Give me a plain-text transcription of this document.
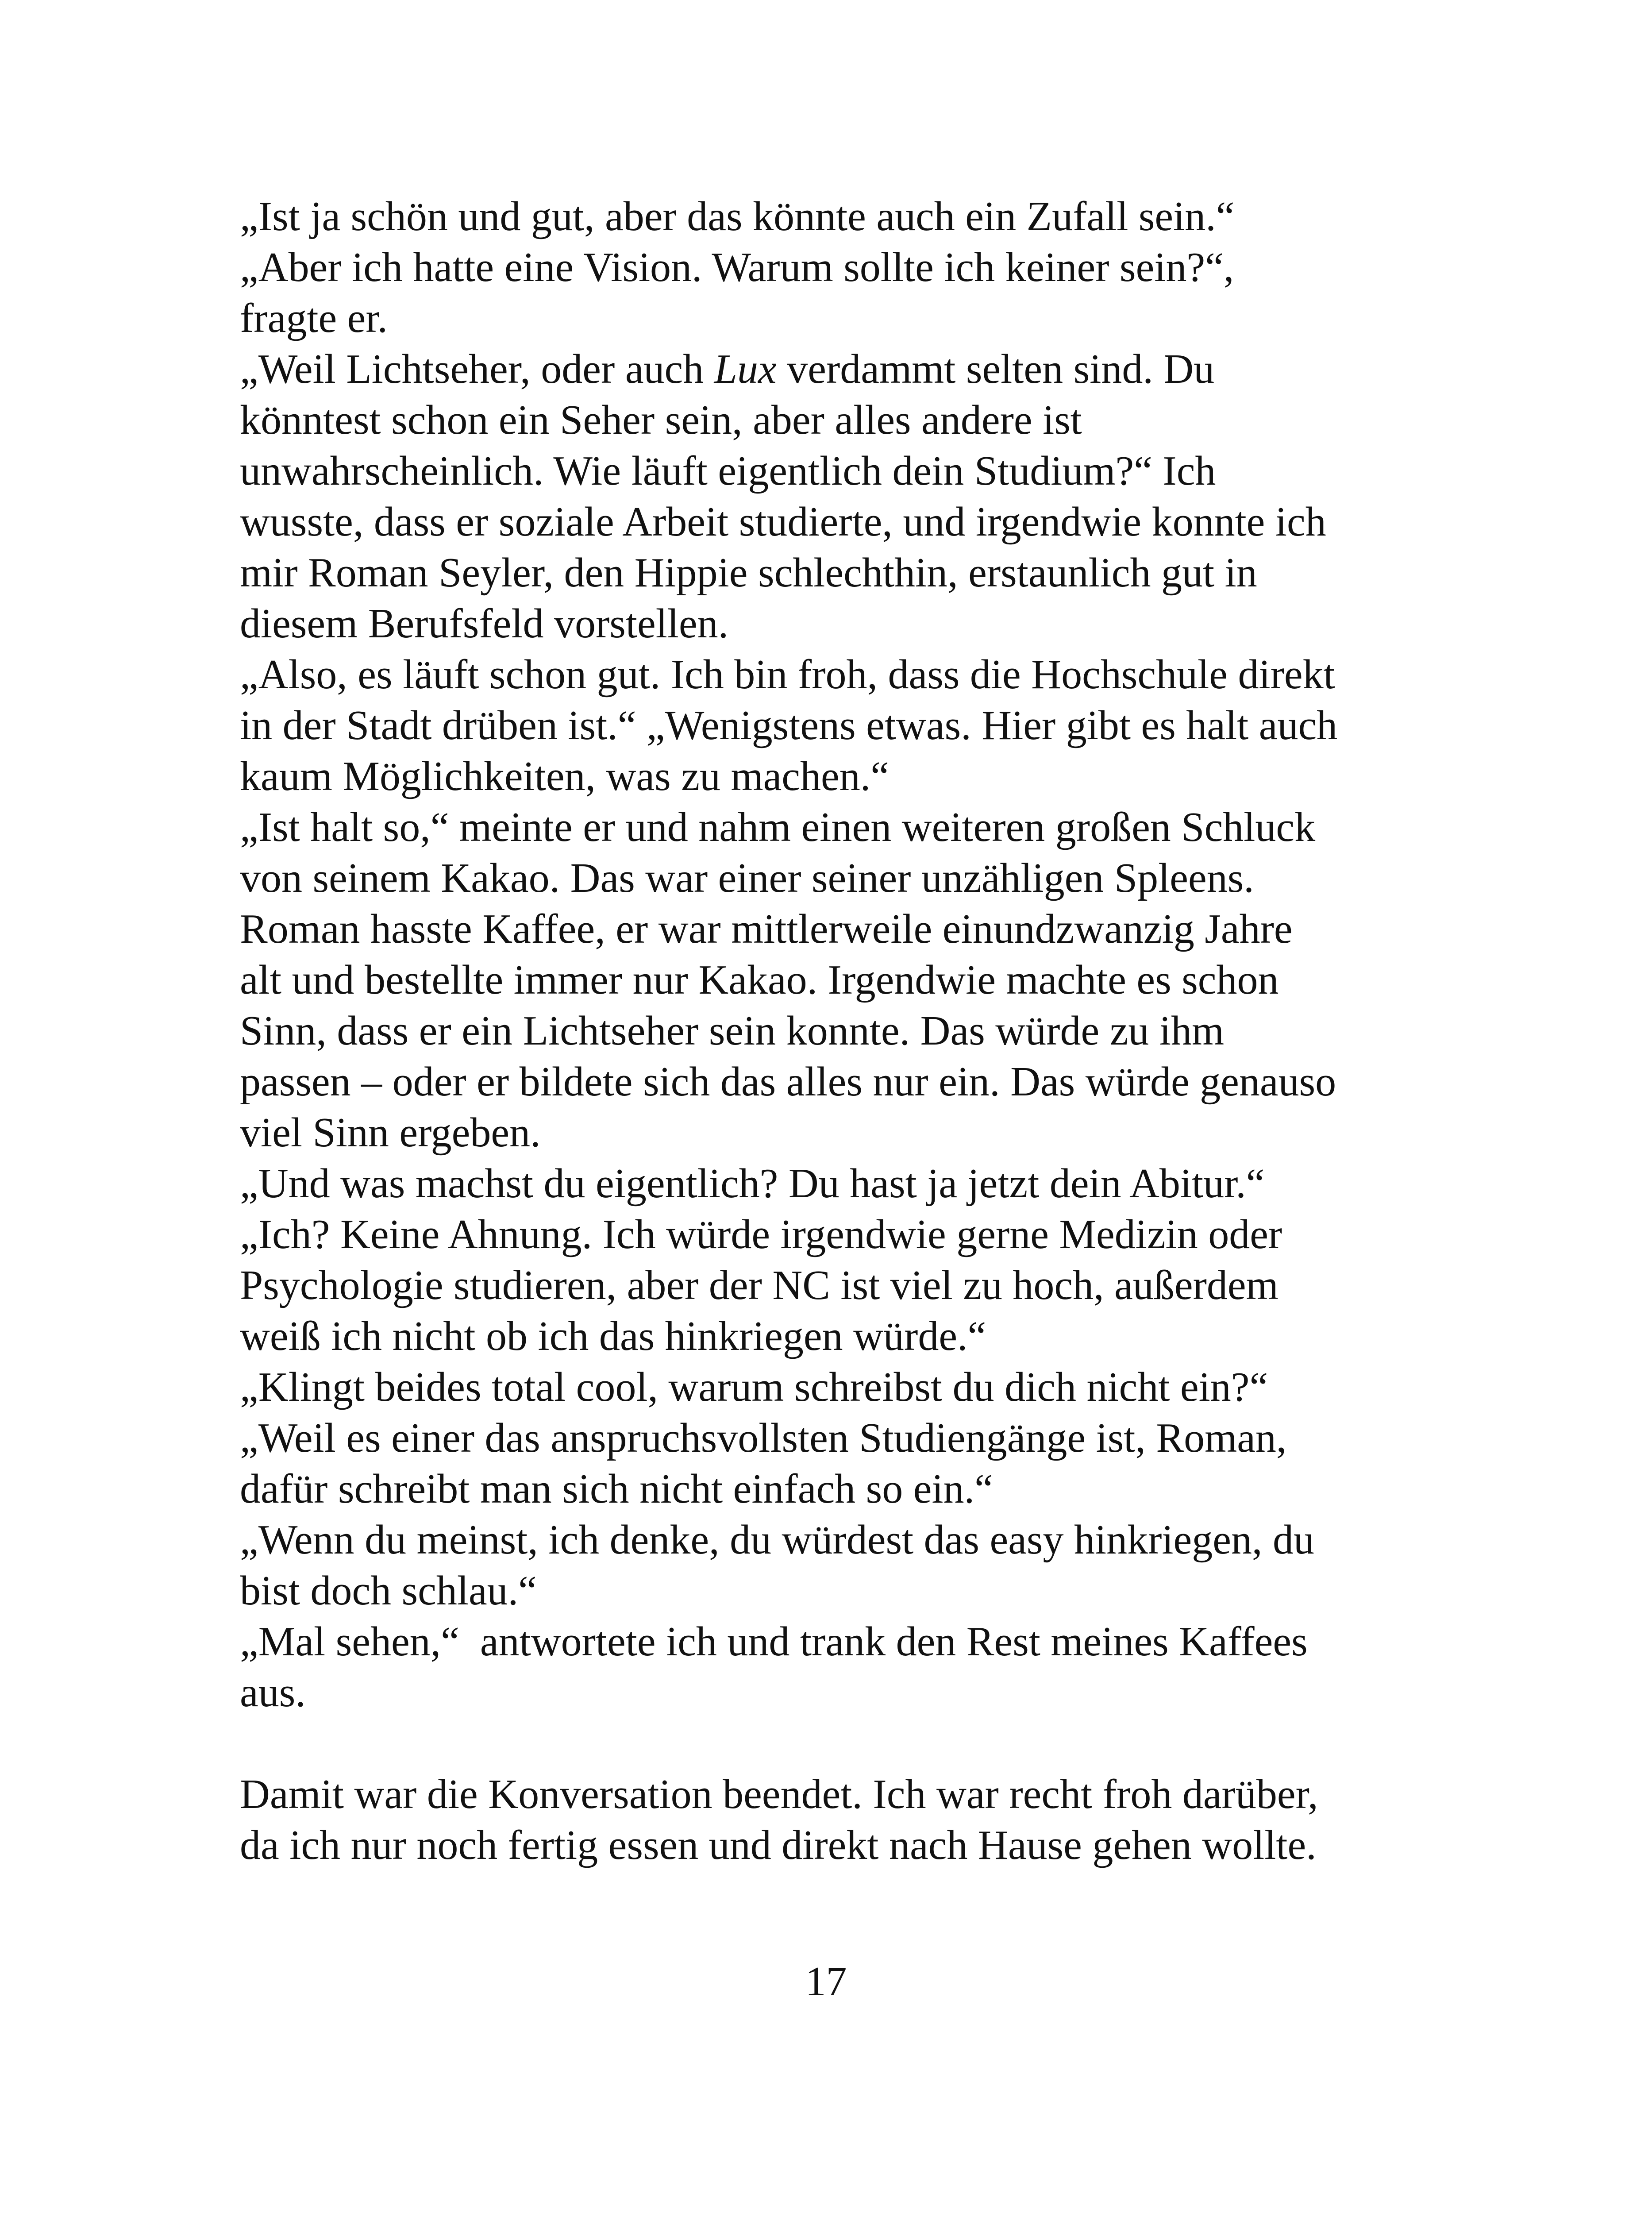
„Ist ja schön und gut, aber das könnte auch ein Zufall sein.“
„Aber ich hatte eine Vision. Warum sollte ich keiner sein?“,
fragte er.
„Weil Lichtseher, oder auch Lux verdammt selten sind. Du
könntest schon ein Seher sein, aber alles andere ist
unwahrscheinlich. Wie läuft eigentlich dein Studium?“ Ich
wusste, dass er soziale Arbeit studierte, und irgendwie konnte ich
mir Roman Seyler, den Hippie schlechthin, erstaunlich gut in
diesem Berufsfeld vorstellen.
„Also, es läuft schon gut. Ich bin froh, dass die Hochschule direkt
in der Stadt drüben ist.“ „Wenigstens etwas. Hier gibt es halt auch
kaum Möglichkeiten, was zu machen.“
„Ist halt so,“ meinte er und nahm einen weiteren großen Schluck
von seinem Kakao. Das war einer seiner unzähligen Spleens.
Roman hasste Kaffee, er war mittlerweile einundzwanzig Jahre
alt und bestellte immer nur Kakao. Irgendwie machte es schon
Sinn, dass er ein Lichtseher sein konnte. Das würde zu ihm
passen – oder er bildete sich das alles nur ein. Das würde genauso
viel Sinn ergeben.
„Und was machst du eigentlich? Du hast ja jetzt dein Abitur.“
„Ich? Keine Ahnung. Ich würde irgendwie gerne Medizin oder
Psychologie studieren, aber der NC ist viel zu hoch, außerdem
weiß ich nicht ob ich das hinkriegen würde.“
„Klingt beides total cool, warum schreibst du dich nicht ein?“
„Weil es einer das anspruchsvollsten Studiengänge ist, Roman,
dafür schreibt man sich nicht einfach so ein.“
„Wenn du meinst, ich denke, du würdest das easy hinkriegen, du
bist doch schlau.“
„Mal sehen,“  antwortete ich und trank den Rest meines Kaffees
aus.
Damit war die Konversation beendet. Ich war recht froh darüber,
da ich nur noch fertig essen und direkt nach Hause gehen wollte.
17
